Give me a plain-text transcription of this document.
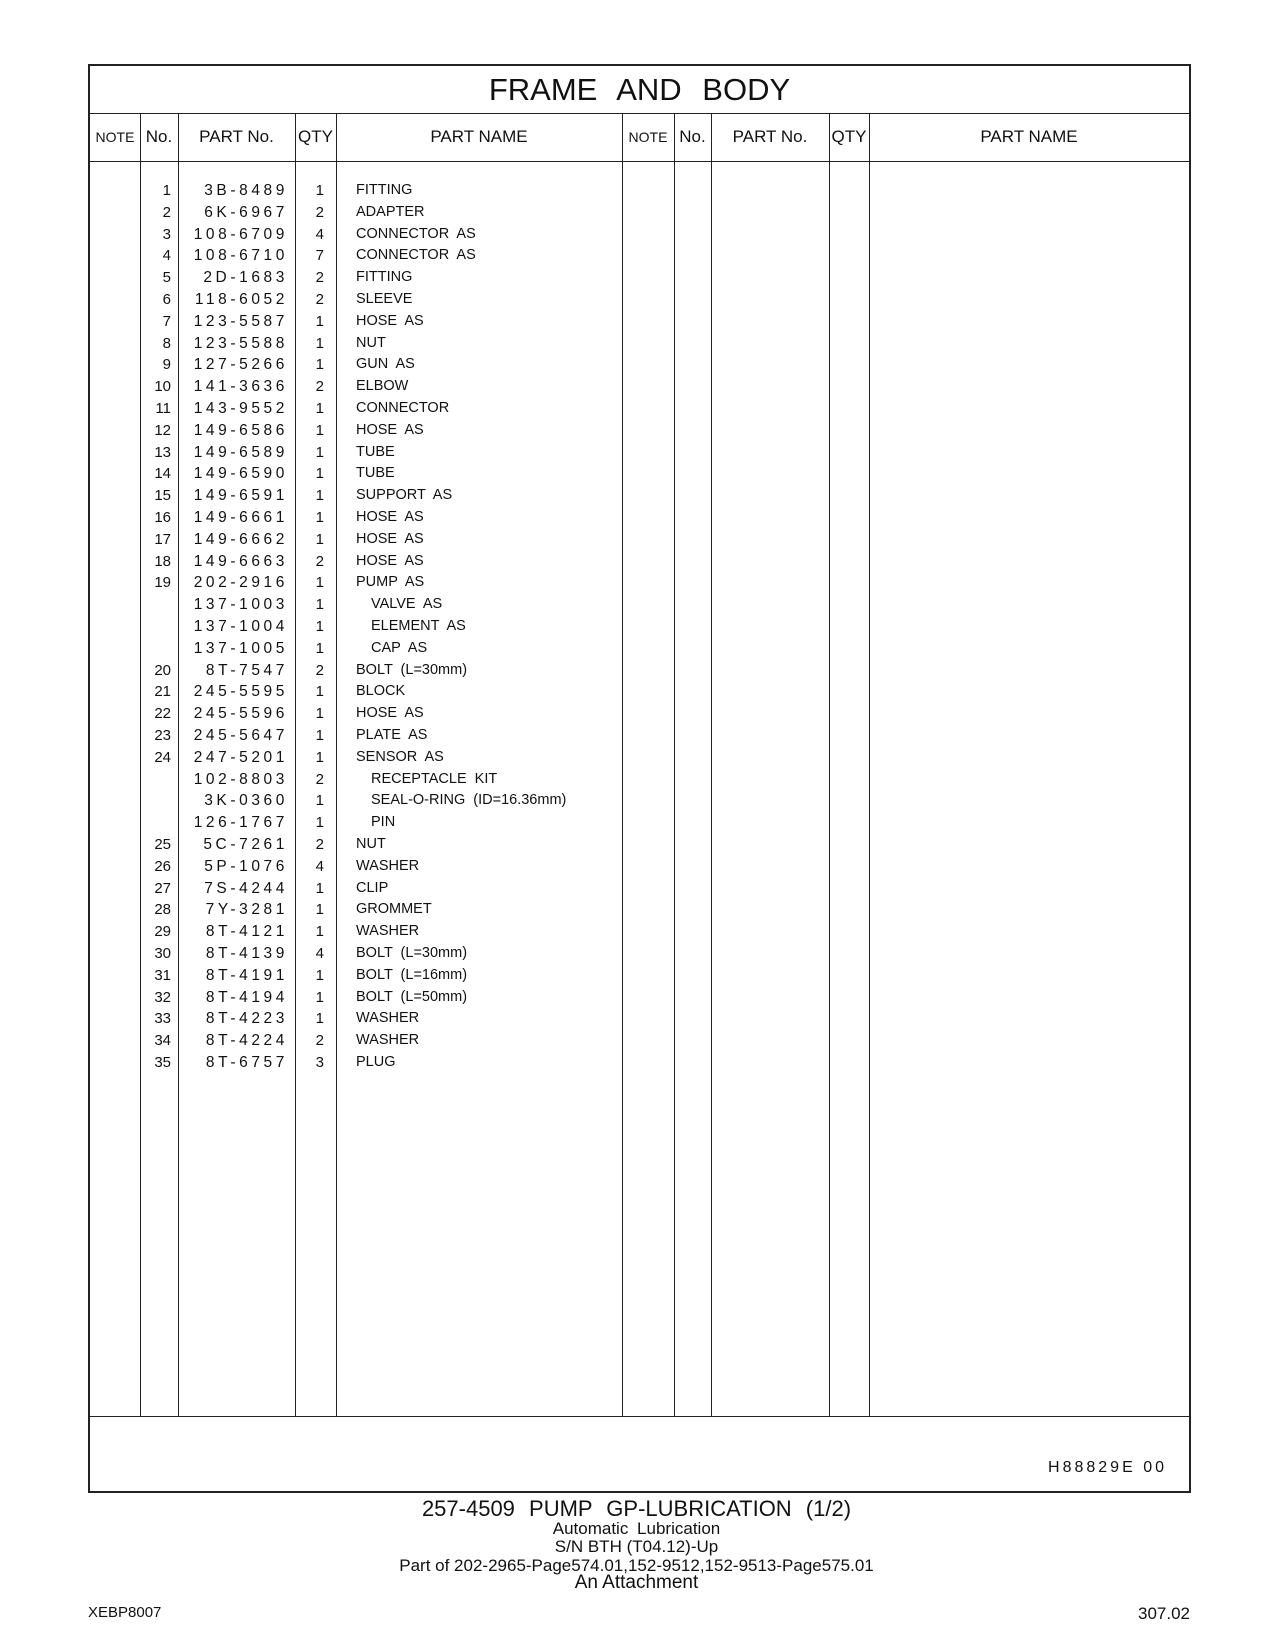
FRAME AND BODY
NOTE No.	PART No.	QTY	PART NAME	NOTE No.	PART No.	QTY	PART NAME
1	3B-8489	1 FITTING
2	6K-6967	2 ADAPTER
3	108-6709	4 CONNECTOR AS
4	108-6710	7 CONNECTOR AS
5	2D-1683	2 FITTING
6	118-6052	2 SLEEVE
7	123-5587	1 HOSE AS
8	123-5588	1 NUT
9	127-5266	1 GUN AS
10	141-3636	2 ELBOW
11	143-9552	1 CONNECTOR
12	149-6586	1 HOSE AS
13	149-6589	1 TUBE
14	149-6590	1 TUBE
15	149-6591	1 SUPPORT AS
16	149-6661	1 HOSE AS
17	149-6662	1 HOSE AS
18	149-6663	2 HOSE AS
19	202-2916	1 PUMP AS
137-1003	1	VALVE AS
137-1004	1	ELEMENT AS
137-1005	1	CAP AS
20	8T-7547	2 BOLT (L=30mm)
21	245-5595	1 BLOCK
22	245-5596	1 HOSE AS
23	245-5647	1 PLATE AS
24	247-5201	1 SENSOR AS
102-8803	2	RECEPTACLE KIT
3K-0360	1	SEAL-O-RING (ID=16.36mm)
126-1767	1	PIN
25	5C-7261	2 NUT
26	5P-1076	4 WASHER
27	7S-4244	1 CLIP
28	7Y-3281	1 GROMMET
29	8T-4121	1 WASHER
30	8T-4139	4 BOLT (L=30mm)
31	8T-4191	1 BOLT (L=16mm)
32	8T-4194	1 BOLT (L=50mm)
33	8T-4223	1 WASHER
34	8T-4224	2 WASHER
35	8T-6757	3 PLUG
H88829E 00
257-4509 PUMP GP-LUBRICATION (1/2)
Automatic Lubrication
S/N BTH (T04.12)-Up
Part of 202-2965-Page574.01,152-9512,152-9513-Page575.01
An Attachment
XEBP8007	307.02
